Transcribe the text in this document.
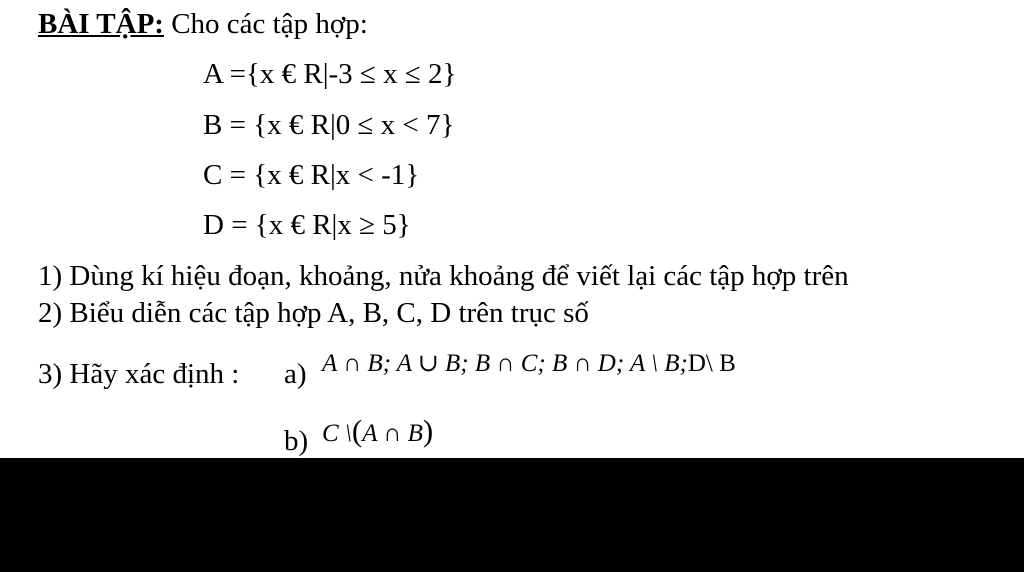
BÀI TẬP: Cho các tập hợp:
A ={x € R|-3 ≤ x ≤ 2}
B = {x € R|0 ≤ x < 7}
C = {x € R|x < -1}
D = {x € R|x ≥ 5}
1) Dùng kí hiệu đoạn, khoảng, nửa khoảng để viết lại các tập hợp trên
2) Biểu diễn các tập hợp A, B, C, D trên trục số
3) Hãy xác định : a) A ∩ B; A ∪ B; B ∩ C; B ∩ D; A \ B;D\ B
b) C \(A ∩ B)
